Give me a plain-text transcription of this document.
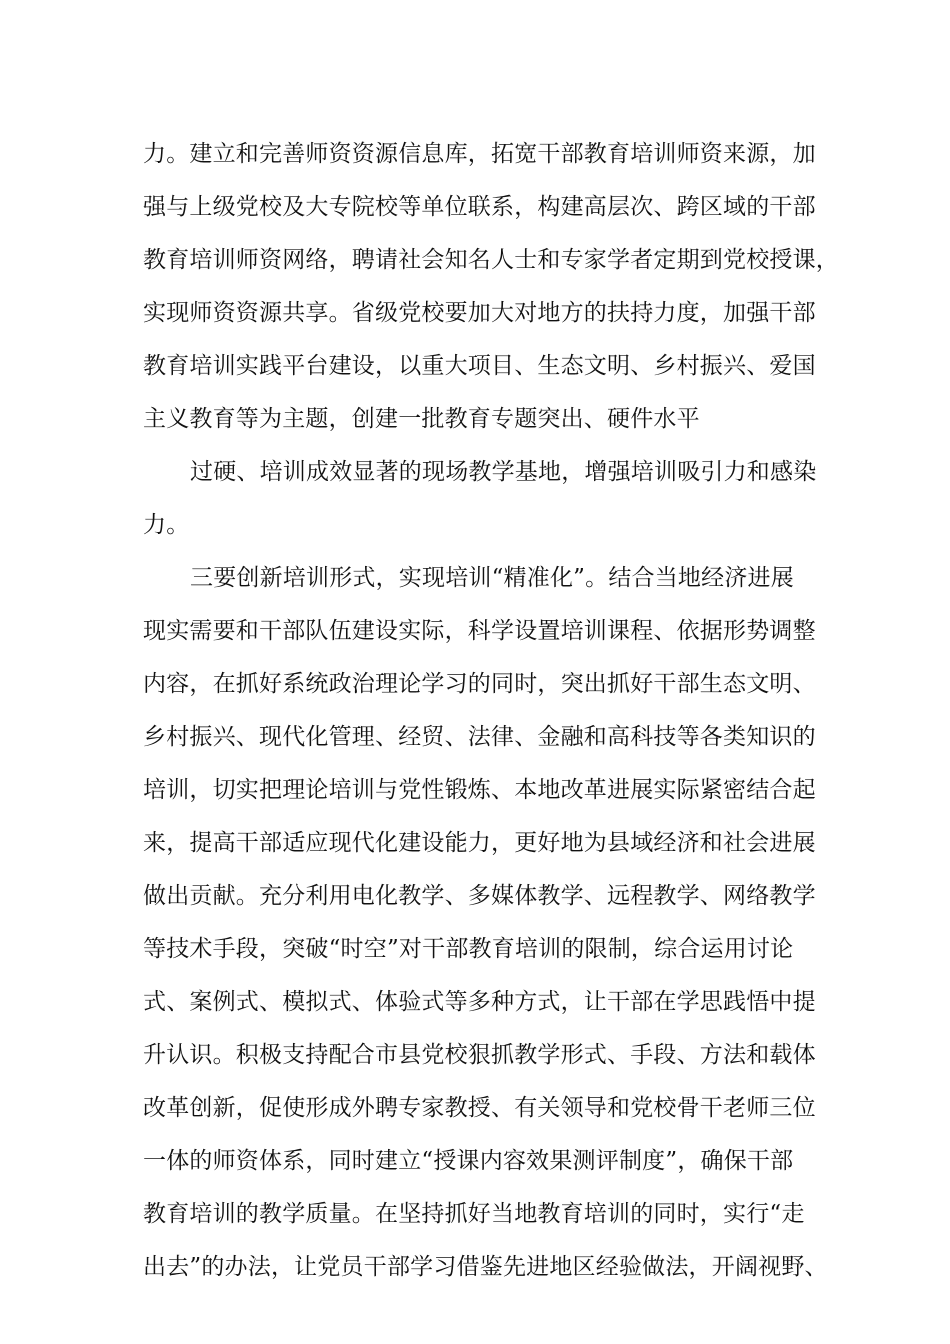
力。建立和完善师资资源信息库，拓宽干部教育培训师资来源，加
强与上级党校及大专院校等单位联系，构建高层次、跨区域的干部
教育培训师资网络，聘请社会知名人士和专家学者定期到党校授课，
实现师资资源共享。省级党校要加大对地方的扶持力度，加强干部
教育培训实践平台建设，以重大项目、生态文明、乡村振兴、爱国
主义教育等为主题，创建一批教育专题突出、硬件水平
过硬、培训成效显著的现场教学基地，增强培训吸引力和感染
力。
三要创新培训形式，实现培训“精准化”。结合当地经济进展
现实需要和干部队伍建设实际，科学设置培训课程、依据形势调整
内容，在抓好系统政治理论学习的同时，突出抓好干部生态文明、
乡村振兴、现代化管理、经贸、法律、金融和高科技等各类知识的
培训，切实把理论培训与党性锻炼、本地改革进展实际紧密结合起
来，提高干部适应现代化建设能力，更好地为县域经济和社会进展
做出贡献。充分利用电化教学、多媒体教学、远程教学、网络教学
等技术手段，突破“时空”对干部教育培训的限制，综合运用讨论
式、案例式、模拟式、体验式等多种方式，让干部在学思践悟中提
升认识。积极支持配合市县党校狠抓教学形式、手段、方法和载体
改革创新，促使形成外聘专家教授、有关领导和党校骨干老师三位
一体的师资体系，同时建立“授课内容效果测评制度”，确保干部
教育培训的教学质量。在坚持抓好当地教育培训的同时，实行“走
出去”的办法，让党员干部学习借鉴先进地区经验做法，开阔视野、
